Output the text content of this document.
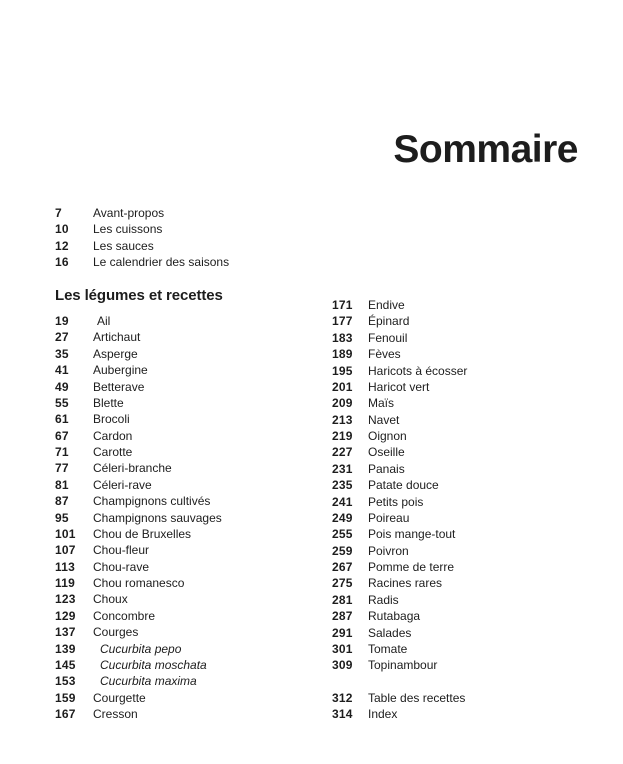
Sommaire
7	Avant-propos
10	Les cuissons
12	Les sauces
16	Le calendrier des saisons
Les légumes et recettes
19	Ail
27	Artichaut
35	Asperge
41	Aubergine
49	Betterave
55	Blette
61	Brocoli
67	Cardon
71	Carotte
77	Céleri-branche
81	Céleri-rave
87	Champignons cultivés
95	Champignons sauvages
101	Chou de Bruxelles
107	Chou-fleur
113	Chou-rave
119	Chou romanesco
123	Choux
129	Concombre
137	Courges
139	Cucurbita pepo
145	Cucurbita moschata
153	Cucurbita maxima
159	Courgette
167	Cresson
171	Endive
177	Épinard
183	Fenouil
189	Fèves
195	Haricots à écosser
201	Haricot vert
209	Maïs
213	Navet
219	Oignon
227	Oseille
231	Panais
235	Patate douce
241	Petits pois
249	Poireau
255	Pois mange-tout
259	Poivron
267	Pomme de terre
275	Racines rares
281	Radis
287	Rutabaga
291	Salades
301	Tomate
309	Topinambour
312	Table des recettes
314	Index
